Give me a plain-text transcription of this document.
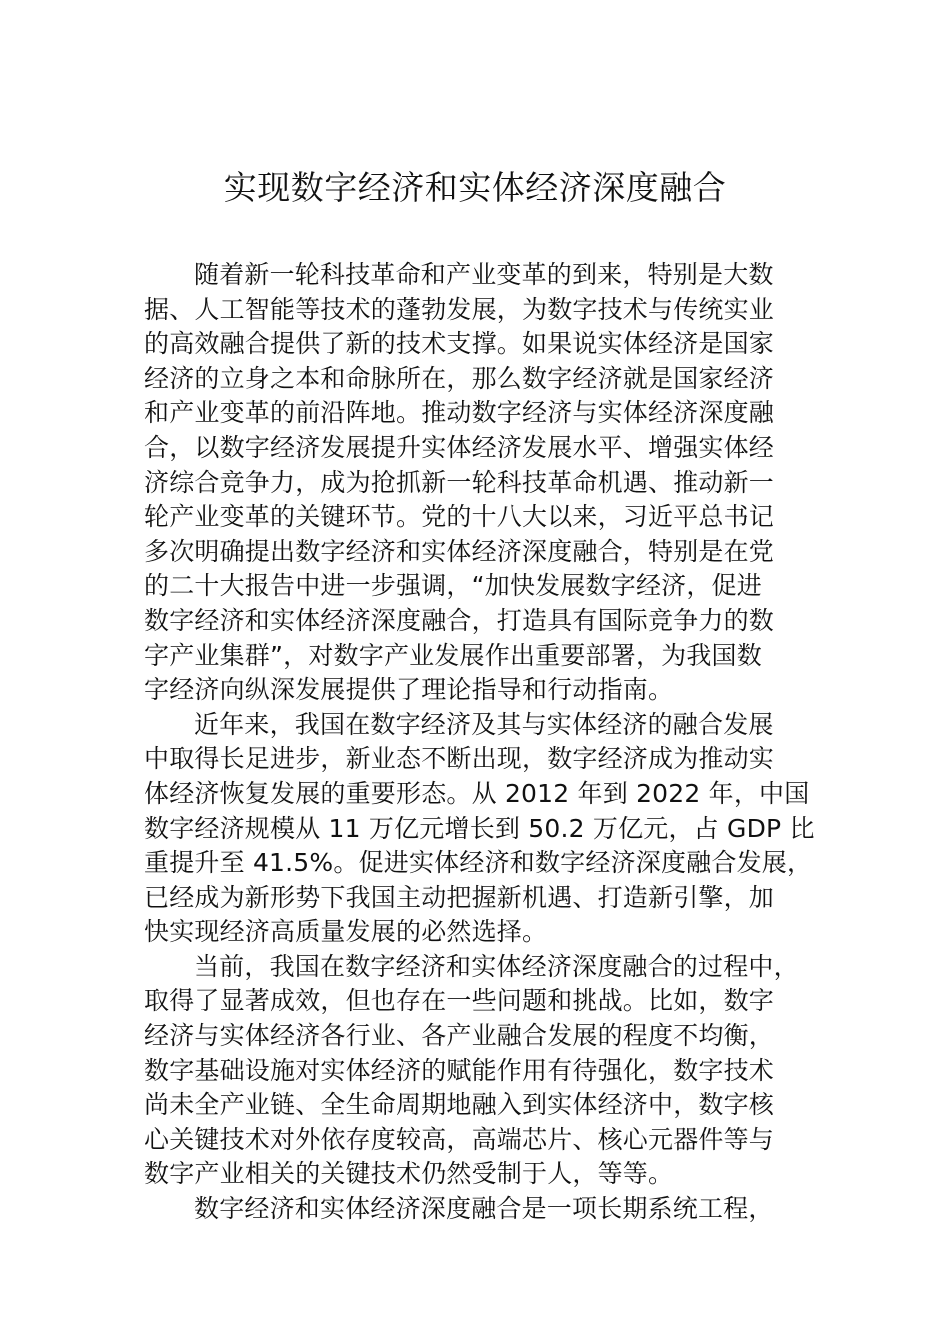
实现数字经济和实体经济深度融合
随着新一轮科技革命和产业变革的到来，特别是大数
据、人工智能等技术的蓬勃发展，为数字技术与传统实业
的高效融合提供了新的技术支撑。如果说实体经济是国家
经济的立身之本和命脉所在，那么数字经济就是国家经济
和产业变革的前沿阵地。推动数字经济与实体经济深度融
合，以数字经济发展提升实体经济发展水平、增强实体经
济综合竞争力，成为抢抓新一轮科技革命机遇、推动新一
轮产业变革的关键环节。党的十八大以来，习近平总书记
多次明确提出数字经济和实体经济深度融合，特别是在党
的二十大报告中进一步强调，“加快发展数字经济，促进
数字经济和实体经济深度融合，打造具有国际竞争力的数
字产业集群”，对数字产业发展作出重要部署，为我国数
字经济向纵深发展提供了理论指导和行动指南。
近年来，我国在数字经济及其与实体经济的融合发展
中取得长足进步，新业态不断出现，数字经济成为推动实
体经济恢复发展的重要形态。从 2012 年到 2022 年，中国
数字经济规模从 11 万亿元增长到 50.2 万亿元，占 GDP 比
重提升至 41.5%。促进实体经济和数字经济深度融合发展，
已经成为新形势下我国主动把握新机遇、打造新引擎，加
快实现经济高质量发展的必然选择。
当前，我国在数字经济和实体经济深度融合的过程中，
取得了显著成效，但也存在一些问题和挑战。比如，数字
经济与实体经济各行业、各产业融合发展的程度不均衡，
数字基础设施对实体经济的赋能作用有待强化，数字技术
尚未全产业链、全生命周期地融入到实体经济中，数字核
心关键技术对外依存度较高，高端芯片、核心元器件等与
数字产业相关的关键技术仍然受制于人，等等。
数字经济和实体经济深度融合是一项长期系统工程，
